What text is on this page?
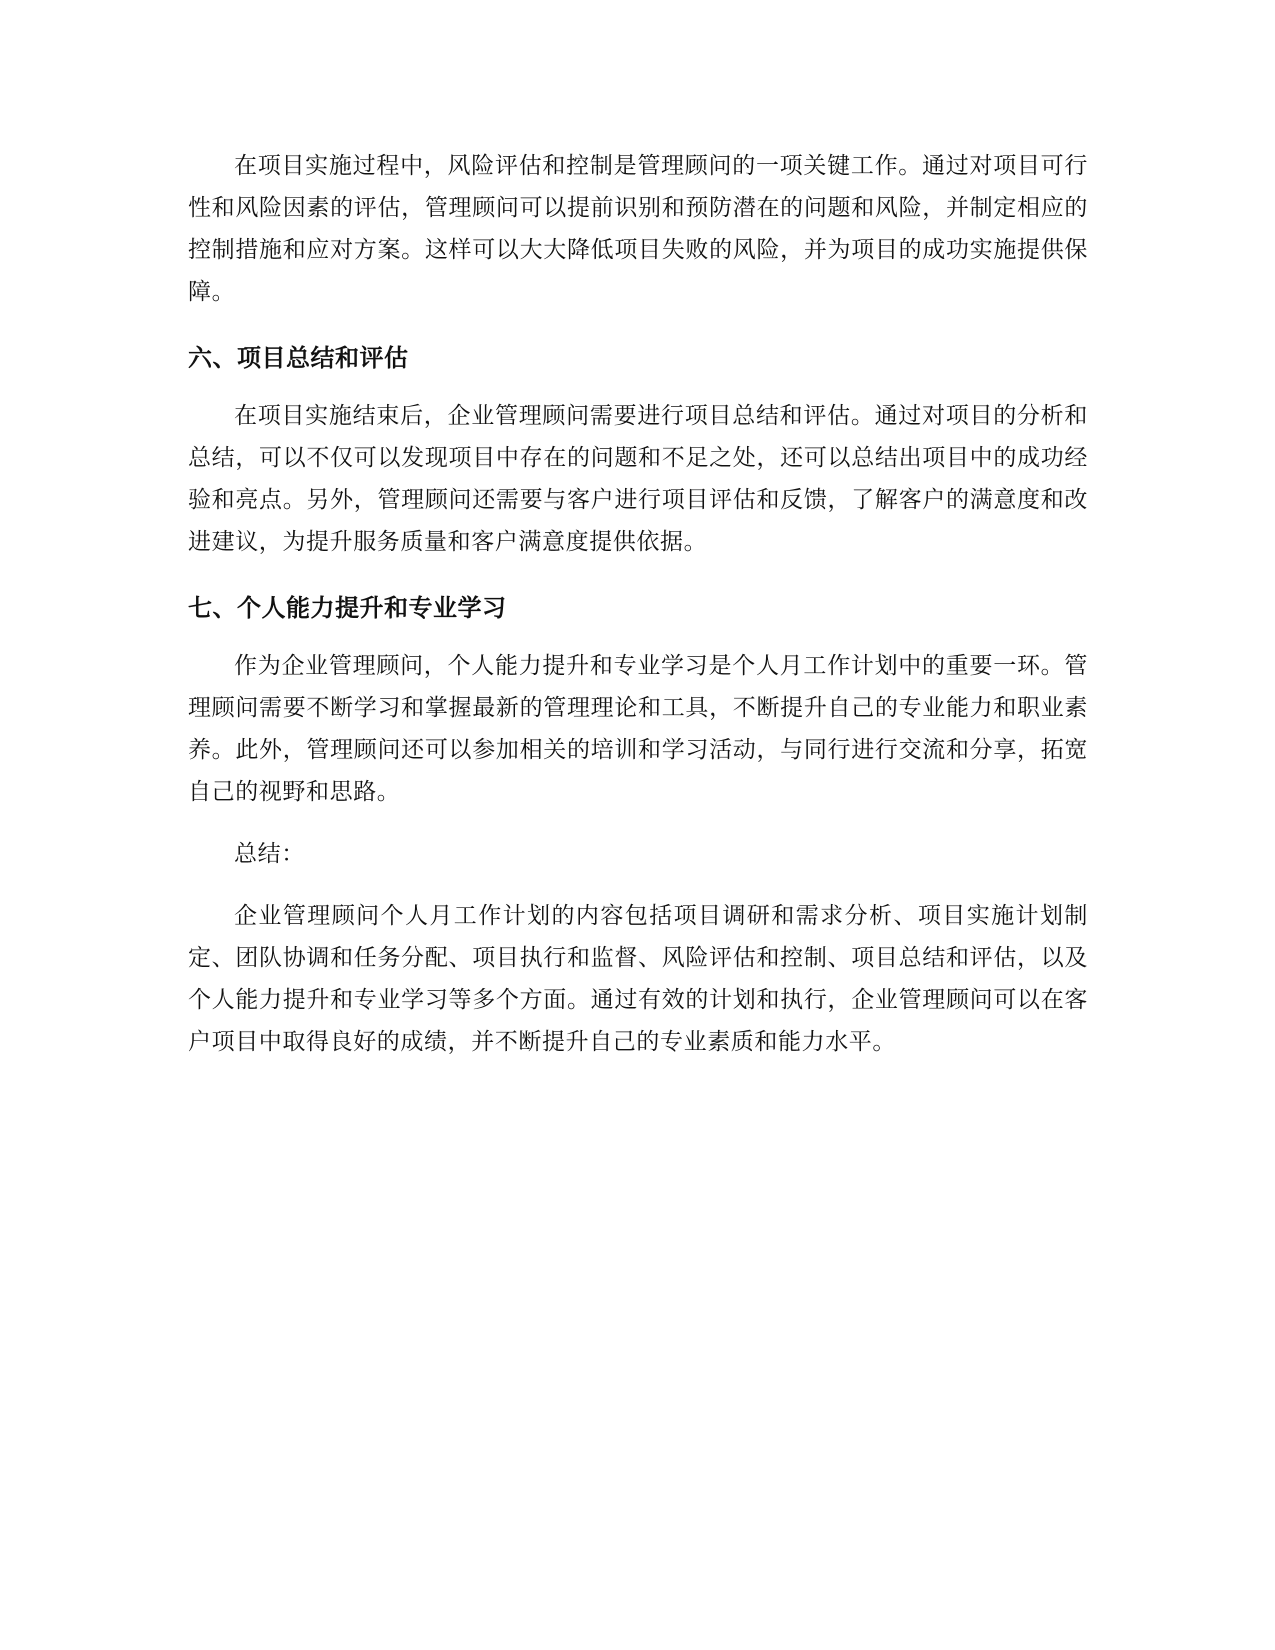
在项目实施过程中，风险评估和控制是管理顾问的一项关键工作。通过对项目可行性和风险因素的评估，管理顾问可以提前识别和预防潜在的问题和风险，并制定相应的控制措施和应对方案。这样可以大大降低项目失败的风险，并为项目的成功实施提供保障。

六、项目总结和评估

在项目实施结束后，企业管理顾问需要进行项目总结和评估。通过对项目的分析和总结，可以不仅可以发现项目中存在的问题和不足之处，还可以总结出项目中的成功经验和亮点。另外，管理顾问还需要与客户进行项目评估和反馈，了解客户的满意度和改进建议，为提升服务质量和客户满意度提供依据。

七、个人能力提升和专业学习

作为企业管理顾问，个人能力提升和专业学习是个人月工作计划中的重要一环。管理顾问需要不断学习和掌握最新的管理理论和工具，不断提升自己的专业能力和职业素养。此外，管理顾问还可以参加相关的培训和学习活动，与同行进行交流和分享，拓宽自己的视野和思路。

总结：

企业管理顾问个人月工作计划的内容包括项目调研和需求分析、项目实施计划制定、团队协调和任务分配、项目执行和监督、风险评估和控制、项目总结和评估，以及个人能力提升和专业学习等多个方面。通过有效的计划和执行，企业管理顾问可以在客户项目中取得良好的成绩，并不断提升自己的专业素质和能力水平。
